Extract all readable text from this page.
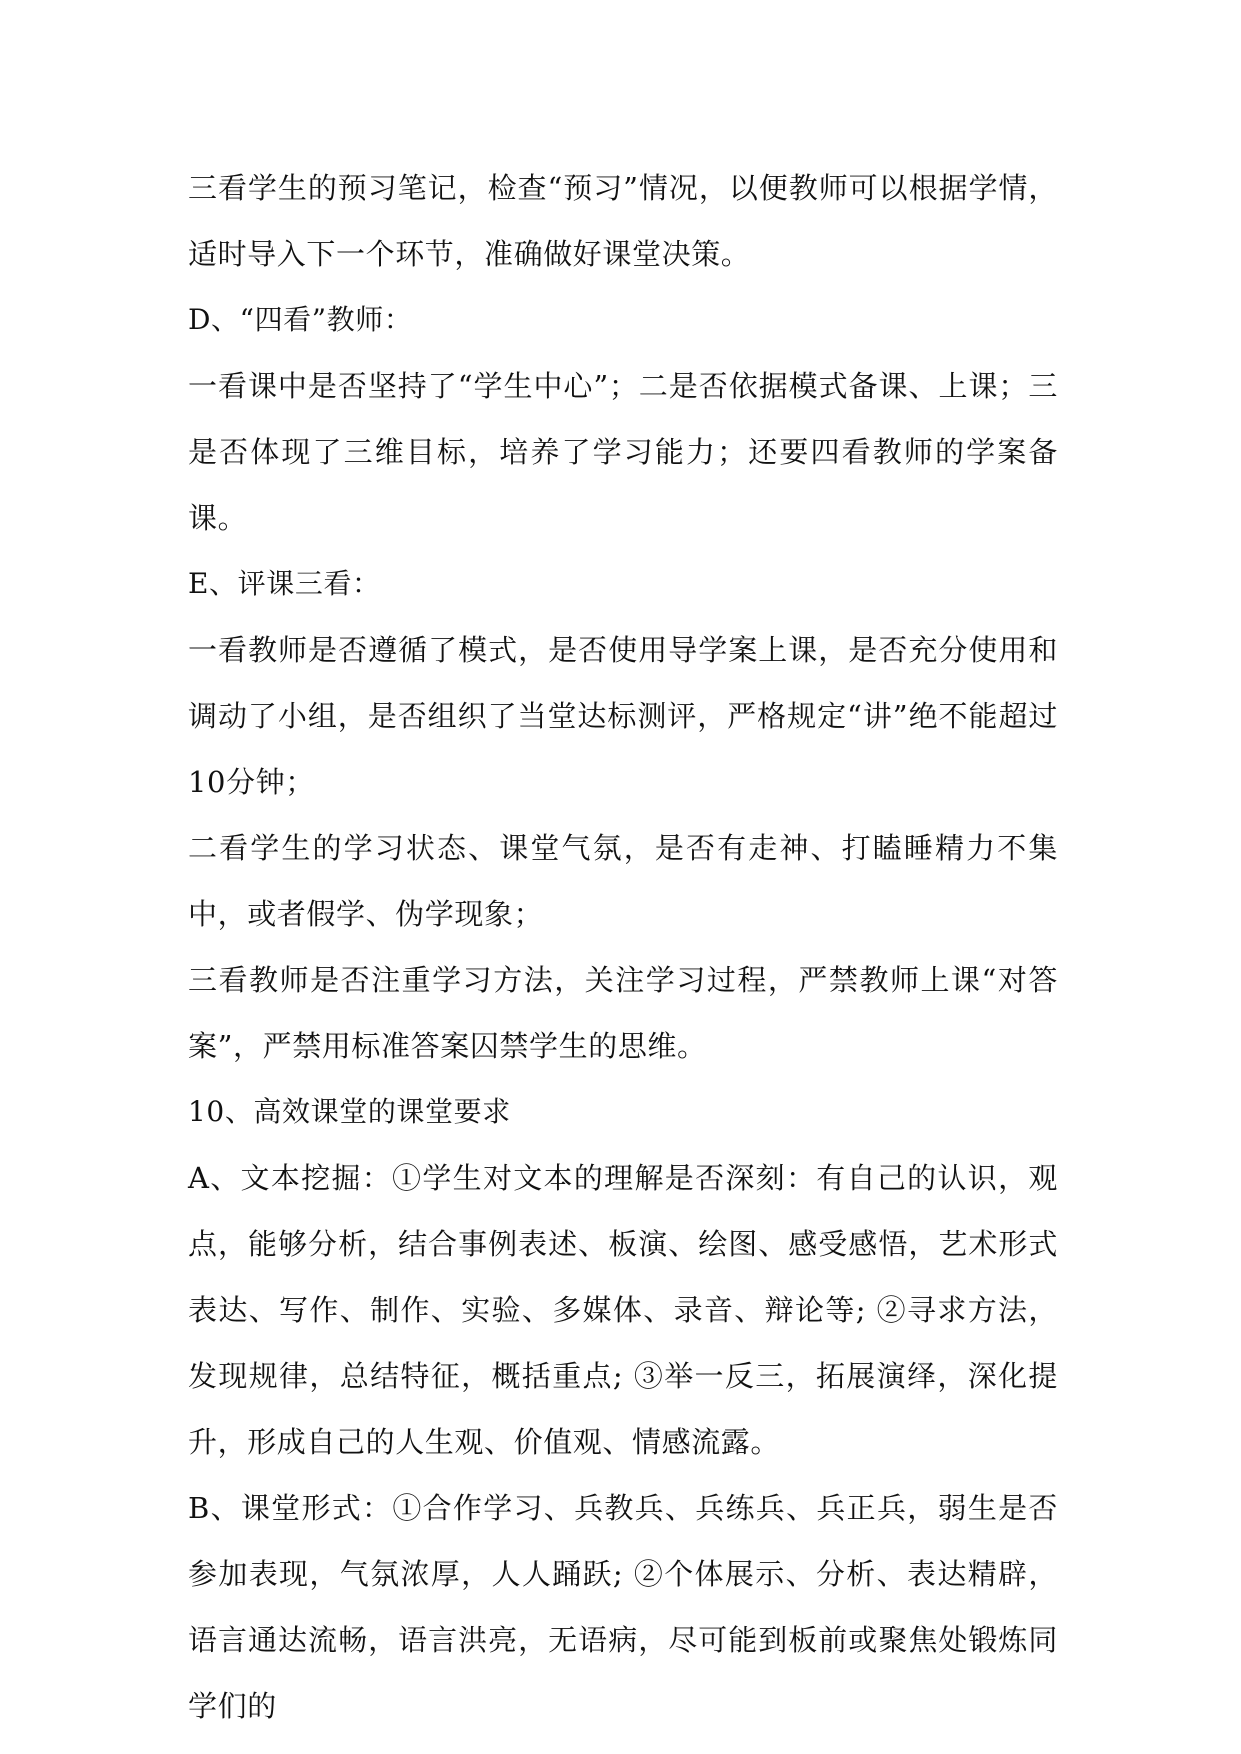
三看学生的预习笔记，检查“预习”情况，以便教师可以根据学情，适时导入下一个环节，准确做好课堂决策。

D、“四看”教师：

一看课中是否坚持了“学生中心”；二是否依据模式备课、上课；三是否体现了三维目标，培养了学习能力；还要四看教师的学案备课。

E、评课三看：

一看教师是否遵循了模式，是否使用导学案上课，是否充分使用和调动了小组，是否组织了当堂达标测评，严格规定“讲”绝不能超过10分钟；

二看学生的学习状态、课堂气氛，是否有走神、打瞌睡精力不集中，或者假学、伪学现象；

三看教师是否注重学习方法，关注学习过程，严禁教师上课“对答案”，严禁用标准答案囚禁学生的思维。

10、高效课堂的课堂要求

A、文本挖掘：①学生对文本的理解是否深刻：有自己的认识，观点，能够分析，结合事例表述、板演、绘图、感受感悟，艺术形式表达、写作、制作、实验、多媒体、录音、辩论等; ②寻求方法，发现规律，总结特征，概括重点; ③举一反三，拓展演绎，深化提升，形成自己的人生观、价值观、情感流露。

B、课堂形式：①合作学习、兵教兵、兵练兵、兵正兵，弱生是否参加表现，气氛浓厚，人人踊跃; ②个体展示、分析、表达精辟，语言通达流畅，语言洪亮，无语病，尽可能到板前或聚焦处锻炼同学们的
